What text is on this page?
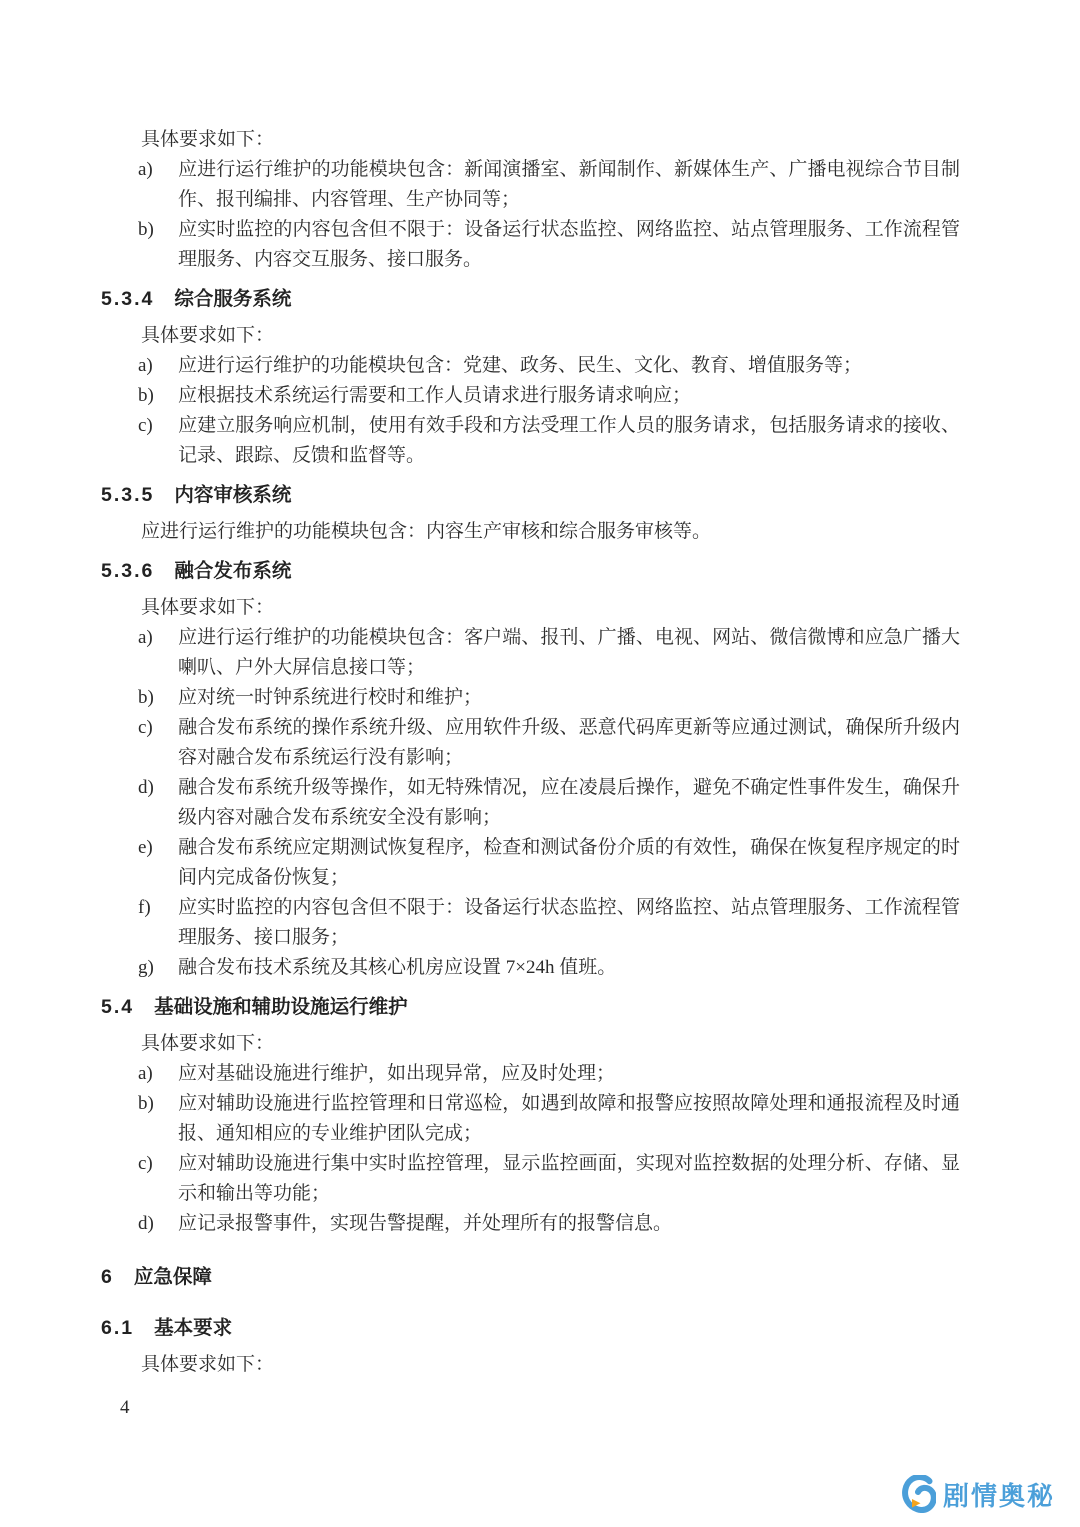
具体要求如下：

a) 应进行运行维护的功能模块包含：新闻演播室、新闻制作、新媒体生产、广播电视综合节目制作、报刊编排、内容管理、生产协同等；
b) 应实时监控的内容包含但不限于：设备运行状态监控、网络监控、站点管理服务、工作流程管理服务、内容交互服务、接口服务。
5.3.4 综合服务系统

具体要求如下：

a) 应进行运行维护的功能模块包含：党建、政务、民生、文化、教育、增值服务等；
b) 应根据技术系统运行需要和工作人员请求进行服务请求响应；
c) 应建立服务响应机制，使用有效手段和方法受理工作人员的服务请求，包括服务请求的接收、记录、跟踪、反馈和监督等。
5.3.5 内容审核系统

应进行运行维护的功能模块包含：内容生产审核和综合服务审核等。

5.3.6 融合发布系统

具体要求如下：

a) 应进行运行维护的功能模块包含：客户端、报刊、广播、电视、网站、微信微博和应急广播大喇叭、户外大屏信息接口等；
b) 应对统一时钟系统进行校时和维护；
c) 融合发布系统的操作系统升级、应用软件升级、恶意代码库更新等应通过测试，确保所升级内容对融合发布系统运行没有影响；
d) 融合发布系统升级等操作，如无特殊情况，应在凌晨后操作，避免不确定性事件发生，确保升级内容对融合发布系统安全没有影响；
e) 融合发布系统应定期测试恢复程序，检查和测试备份介质的有效性，确保在恢复程序规定的时间内完成备份恢复；
f) 应实时监控的内容包含但不限于：设备运行状态监控、网络监控、站点管理服务、工作流程管理服务、接口服务；
g) 融合发布技术系统及其核心机房应设置 7×24h 值班。
5.4 基础设施和辅助设施运行维护

具体要求如下：

a) 应对基础设施进行维护，如出现异常，应及时处理；
b) 应对辅助设施进行监控管理和日常巡检，如遇到故障和报警应按照故障处理和通报流程及时通报、通知相应的专业维护团队完成；
c) 应对辅助设施进行集中实时监控管理，显示监控画面，实现对监控数据的处理分析、存储、显示和输出等功能；
d) 应记录报警事件，实现告警提醒，并处理所有的报警信息。
6 应急保障
6.1 基本要求

具体要求如下：

4
剧情奥秘
